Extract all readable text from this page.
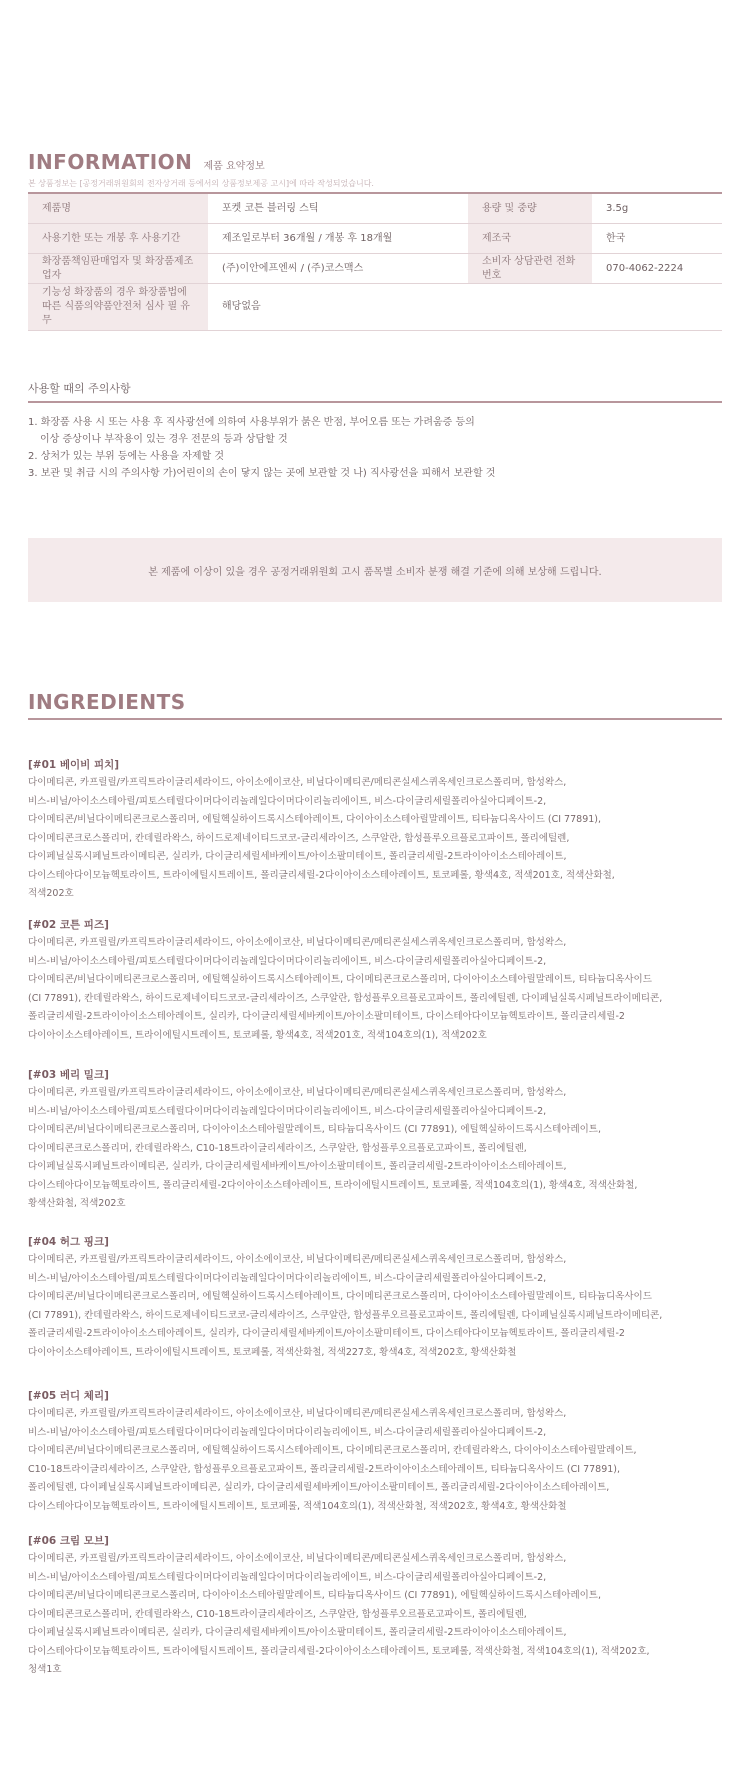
INFORMATION 제품 요약정보
본 상품정보는 [공정거래위원회의 전자상거래 등에서의 상품정보제공 고시]에 따라 작성되었습니다.
제품명	포켓 코튼 블러링 스틱	용량 및 중량	3.5g
사용기한 또는 개봉 후 사용기간	제조일로부터 36개월 / 개봉 후 18개월	제조국	한국
화장품책임판매업자 및 화장품제조업자	(주)이안에프엔씨 / (주)코스맥스	소비자 상담관련 전화번호	070-4062-2224
기능성 화장품의 경우 화장품법에 따른 식품의약품안전처 심사 필 유무	해당없음		
사용할 때의 주의사항
1. 화장품 사용 시 또는 사용 후 직사광선에 의하여 사용부위가 붉은 반점, 부어오름 또는 가려움증 등의
이상 증상이나 부작용이 있는 경우 전문의 등과 상담할 것
2. 상처가 있는 부위 등에는 사용을 자제할 것
3. 보관 및 취급 시의 주의사항 가)어린이의 손이 닿지 않는 곳에 보관할 것 나) 직사광선을 피해서 보관할 것
본 제품에 이상이 있을 경우 공정거래위원회 고시 품목별 소비자 분쟁 해결 기준에 의해 보상해 드립니다.
INGREDIENTS
[#01 베이비 피치]
다이메티콘, 카프릴릴/카프릭트라이글리세라이드, 아이소에이코산, 비닐다이메티콘/메티콘실세스퀴옥세인크로스폴리머, 합성왁스,
비스-비닐/아이소스테아릴/피토스테릴다이머다이리놀레일다이머다이리놀리에이트, 비스-다이글리세릴폴리아실아디페이트-2,
다이메티콘/비닐다이메티콘크로스폴리머, 에틸헥실하이드록시스테아레이트, 다이아이소스테아릴말레이트, 티타늄디옥사이드 (CI 77891),
다이메티콘크로스폴리머, 칸데릴라왁스, 하이드로제네이티드코코-글리세라이즈, 스쿠알란, 합성플루오르플로고파이트, 폴리에틸렌,
다이페닐실록시페닐트라이메티콘, 실리카, 다이글리세릴세바케이트/아이소팔미테이트, 폴리글리세릴-2트라이아이소스테아레이트,
다이스테아다이모늄헥토라이트, 트라이에틸시트레이트, 폴리글리세릴-2다이아이소스테아레이트, 토코페롤, 황색4호, 적색201호, 적색산화철,
적색202호
[#02 코튼 피즈]
다이메티콘, 카프릴릴/카프릭트라이글리세라이드, 아이소에이코산, 비닐다이메티콘/메티콘실세스퀴옥세인크로스폴리머, 합성왁스,
비스-비닐/아이소스테아릴/피토스테릴다이머다이리놀레일다이머다이리놀리에이트, 비스-다이글리세릴폴리아실아디페이트-2,
다이메티콘/비닐다이메티콘크로스폴리머, 에틸헥실하이드록시스테아레이트, 다이메티콘크로스폴리머, 다이아이소스테아릴말레이트, 티타늄디옥사이드
(CI 77891), 칸데릴라왁스, 하이드로제네이티드코코-글리세라이즈, 스쿠알란, 합성플루오르플로고파이트, 폴리에틸렌, 다이페닐실록시페닐트라이메티콘,
폴리글리세릴-2트라이아이소스테아레이트, 실리카, 다이글리세릴세바케이트/아이소팔미테이트, 다이스테아다이모늄헥토라이트, 폴리글리세릴-2
다이아이소스테아레이트, 트라이에틸시트레이트, 토코페롤, 황색4호, 적색201호, 적색104호의(1), 적색202호
[#03 베리 밀크]
다이메티콘, 카프릴릴/카프릭트라이글리세라이드, 아이소에이코산, 비닐다이메티콘/메티콘실세스퀴옥세인크로스폴리머, 합성왁스,
비스-비닐/아이소스테아릴/피토스테릴다이머다이리놀레일다이머다이리놀리에이트, 비스-다이글리세릴폴리아실아디페이트-2,
다이메티콘/비닐다이메티콘크로스폴리머, 다이아이소스테아릴말레이트, 티타늄디옥사이드 (CI 77891), 에틸헥실하이드록시스테아레이트,
다이메티콘크로스폴리머, 칸데릴라왁스, C10-18트라이글리세라이즈, 스쿠알란, 합성플루오르플로고파이트, 폴리에틸렌,
다이페닐실록시페닐트라이메티콘, 실리카, 다이글리세릴세바케이트/아이소팔미테이트, 폴리글리세릴-2트라이아이소스테아레이트,
다이스테아다이모늄헥토라이트, 폴리글리세릴-2다이아이소스테아레이트, 트라이에틸시트레이트, 토코페롤, 적색104호의(1), 황색4호, 적색산화철,
황색산화철, 적색202호
[#04 허그 핑크]
다이메티콘, 카프릴릴/카프릭트라이글리세라이드, 아이소에이코산, 비닐다이메티콘/메티콘실세스퀴옥세인크로스폴리머, 합성왁스,
비스-비닐/아이소스테아릴/피토스테릴다이머다이리놀레일다이머다이리놀리에이트, 비스-다이글리세릴폴리아실아디페이트-2,
다이메티콘/비닐다이메티콘크로스폴리머, 에틸헥실하이드록시스테아레이트, 다이메티콘크로스폴리머, 다이아이소스테아릴말레이트, 티타늄디옥사이드
(CI 77891), 칸데릴라왁스, 하이드로제네이티드코코-글리세라이즈, 스쿠알란, 합성플루오르플로고파이트, 폴리에틸렌, 다이페닐실록시페닐트라이메티콘,
폴리글리세릴-2트라이아이소스테아레이트, 실리카, 다이글리세릴세바케이트/아이소팔미테이트, 다이스테아다이모늄헥토라이트, 폴리글리세릴-2
다이아이소스테아레이트, 트라이에틸시트레이트, 토코페롤, 적색산화철, 적색227호, 황색4호, 적색202호, 황색산화철
[#05 러디 체리]
다이메티콘, 카프릴릴/카프릭트라이글리세라이드, 아이소에이코산, 비닐다이메티콘/메티콘실세스퀴옥세인크로스폴리머, 합성왁스,
비스-비닐/아이소스테아릴/피토스테릴다이머다이리놀레일다이머다이리놀리에이트, 비스-다이글리세릴폴리아실아디페이트-2,
다이메티콘/비닐다이메티콘크로스폴리머, 에틸헥실하이드록시스테아레이트, 다이메티콘크로스폴리머, 칸데릴라왁스, 다이아이소스테아릴말레이트,
C10-18트라이글리세라이즈, 스쿠알란, 합성플루오르플로고파이트, 폴리글리세릴-2트라이아이소스테아레이트, 티타늄디옥사이드 (CI 77891),
폴리에틸렌, 다이페닐실록시페닐트라이메티콘, 실리카, 다이글리세릴세바케이트/아이소팔미테이트, 폴리글리세릴-2다이아이소스테아레이트,
다이스테아다이모늄헥토라이트, 트라이에틸시트레이트, 토코페롤, 적색104호의(1), 적색산화철, 적색202호, 황색4호, 황색산화철
[#06 크림 모브]
다이메티콘, 카프릴릴/카프릭트라이글리세라이드, 아이소에이코산, 비닐다이메티콘/메티콘실세스퀴옥세인크로스폴리머, 합성왁스,
비스-비닐/아이소스테아릴/피토스테릴다이머다이리놀레일다이머다이리놀리에이트, 비스-다이글리세릴폴리아실아디페이트-2,
다이메티콘/비닐다이메티콘크로스폴리머, 다이아이소스테아릴말레이트, 티타늄디옥사이드 (CI 77891), 에틸헥실하이드록시스테아레이트,
다이메티콘크로스폴리머, 칸데릴라왁스, C10-18트라이글리세라이즈, 스쿠알란, 합성플루오르플로고파이트, 폴리에틸렌,
다이페닐실록시페닐트라이메티콘, 실리카, 다이글리세릴세바케이트/아이소팔미테이트, 폴리글리세릴-2트라이아이소스테아레이트,
다이스테아다이모늄헥토라이트, 트라이에틸시트레이트, 폴리글리세릴-2다이아이소스테아레이트, 토코페롤, 적색산화철, 적색104호의(1), 적색202호,
청색1호
